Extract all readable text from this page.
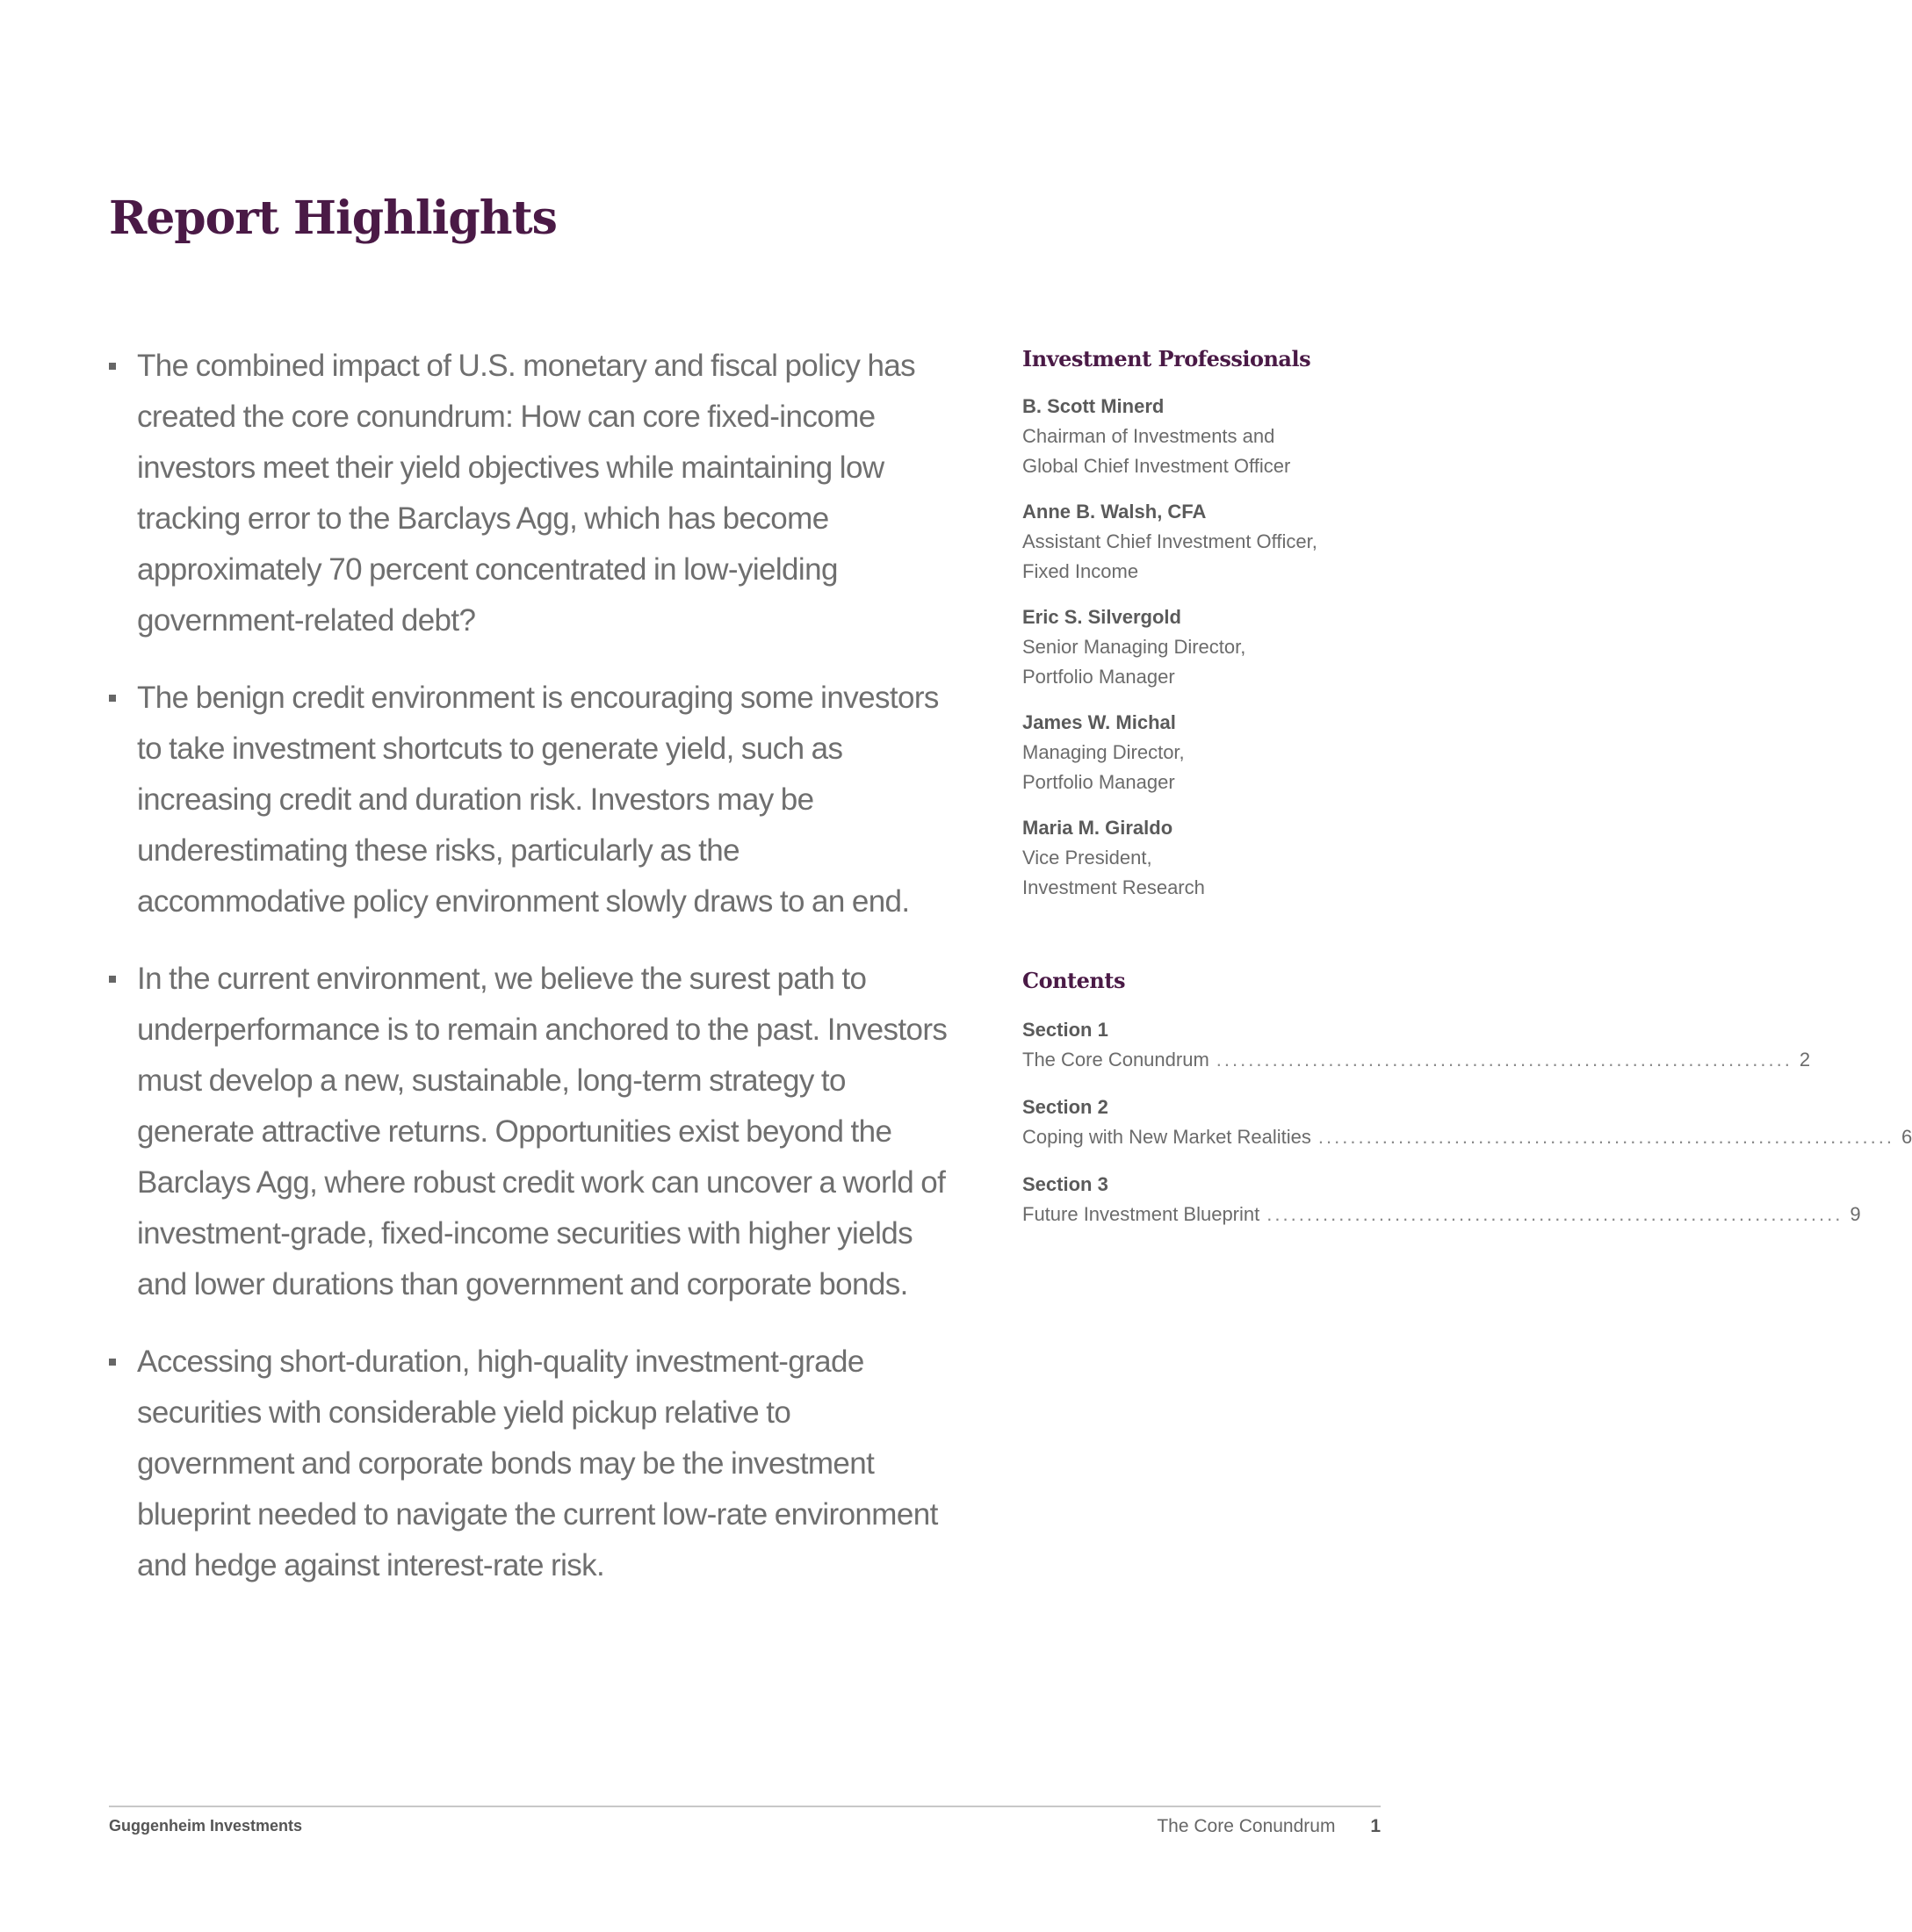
Report Highlights
The combined impact of U.S. monetary and fiscal policy has created the core conundrum: How can core fixed-income investors meet their yield objectives while maintaining low tracking error to the Barclays Agg, which has become approximately 70 percent concentrated in low-yielding government-related debt?
The benign credit environment is encouraging some investors to take investment shortcuts to generate yield, such as increasing credit and duration risk. Investors may be underestimating these risks, particularly as the accommodative policy environment slowly draws to an end.
In the current environment, we believe the surest path to underperformance is to remain anchored to the past. Investors must develop a new, sustainable, long-term strategy to generate attractive returns. Opportunities exist beyond the Barclays Agg, where robust credit work can uncover a world of investment-grade, fixed-income securities with higher yields and lower durations than government and corporate bonds.
Accessing short-duration, high-quality investment-grade securities with considerable yield pickup relative to government and corporate bonds may be the investment blueprint needed to navigate the current low-rate environment and hedge against interest-rate risk.
Investment Professionals
B. Scott Minerd
Chairman of Investments and
Global Chief Investment Officer
Anne B. Walsh, CFA
Assistant Chief Investment Officer,
Fixed Income
Eric S. Silvergold
Senior Managing Director,
Portfolio Manager
James W. Michal
Managing Director,
Portfolio Manager
Maria M. Giraldo
Vice President,
Investment Research
Contents
Section 1
The Core Conundrum ........................................................................ 2
Section 2
Coping with New Market Realities ........................................................................ 6
Section 3
Future Investment Blueprint ........................................................................ 9
Guggenheim Investments	The Core Conundrum 1
